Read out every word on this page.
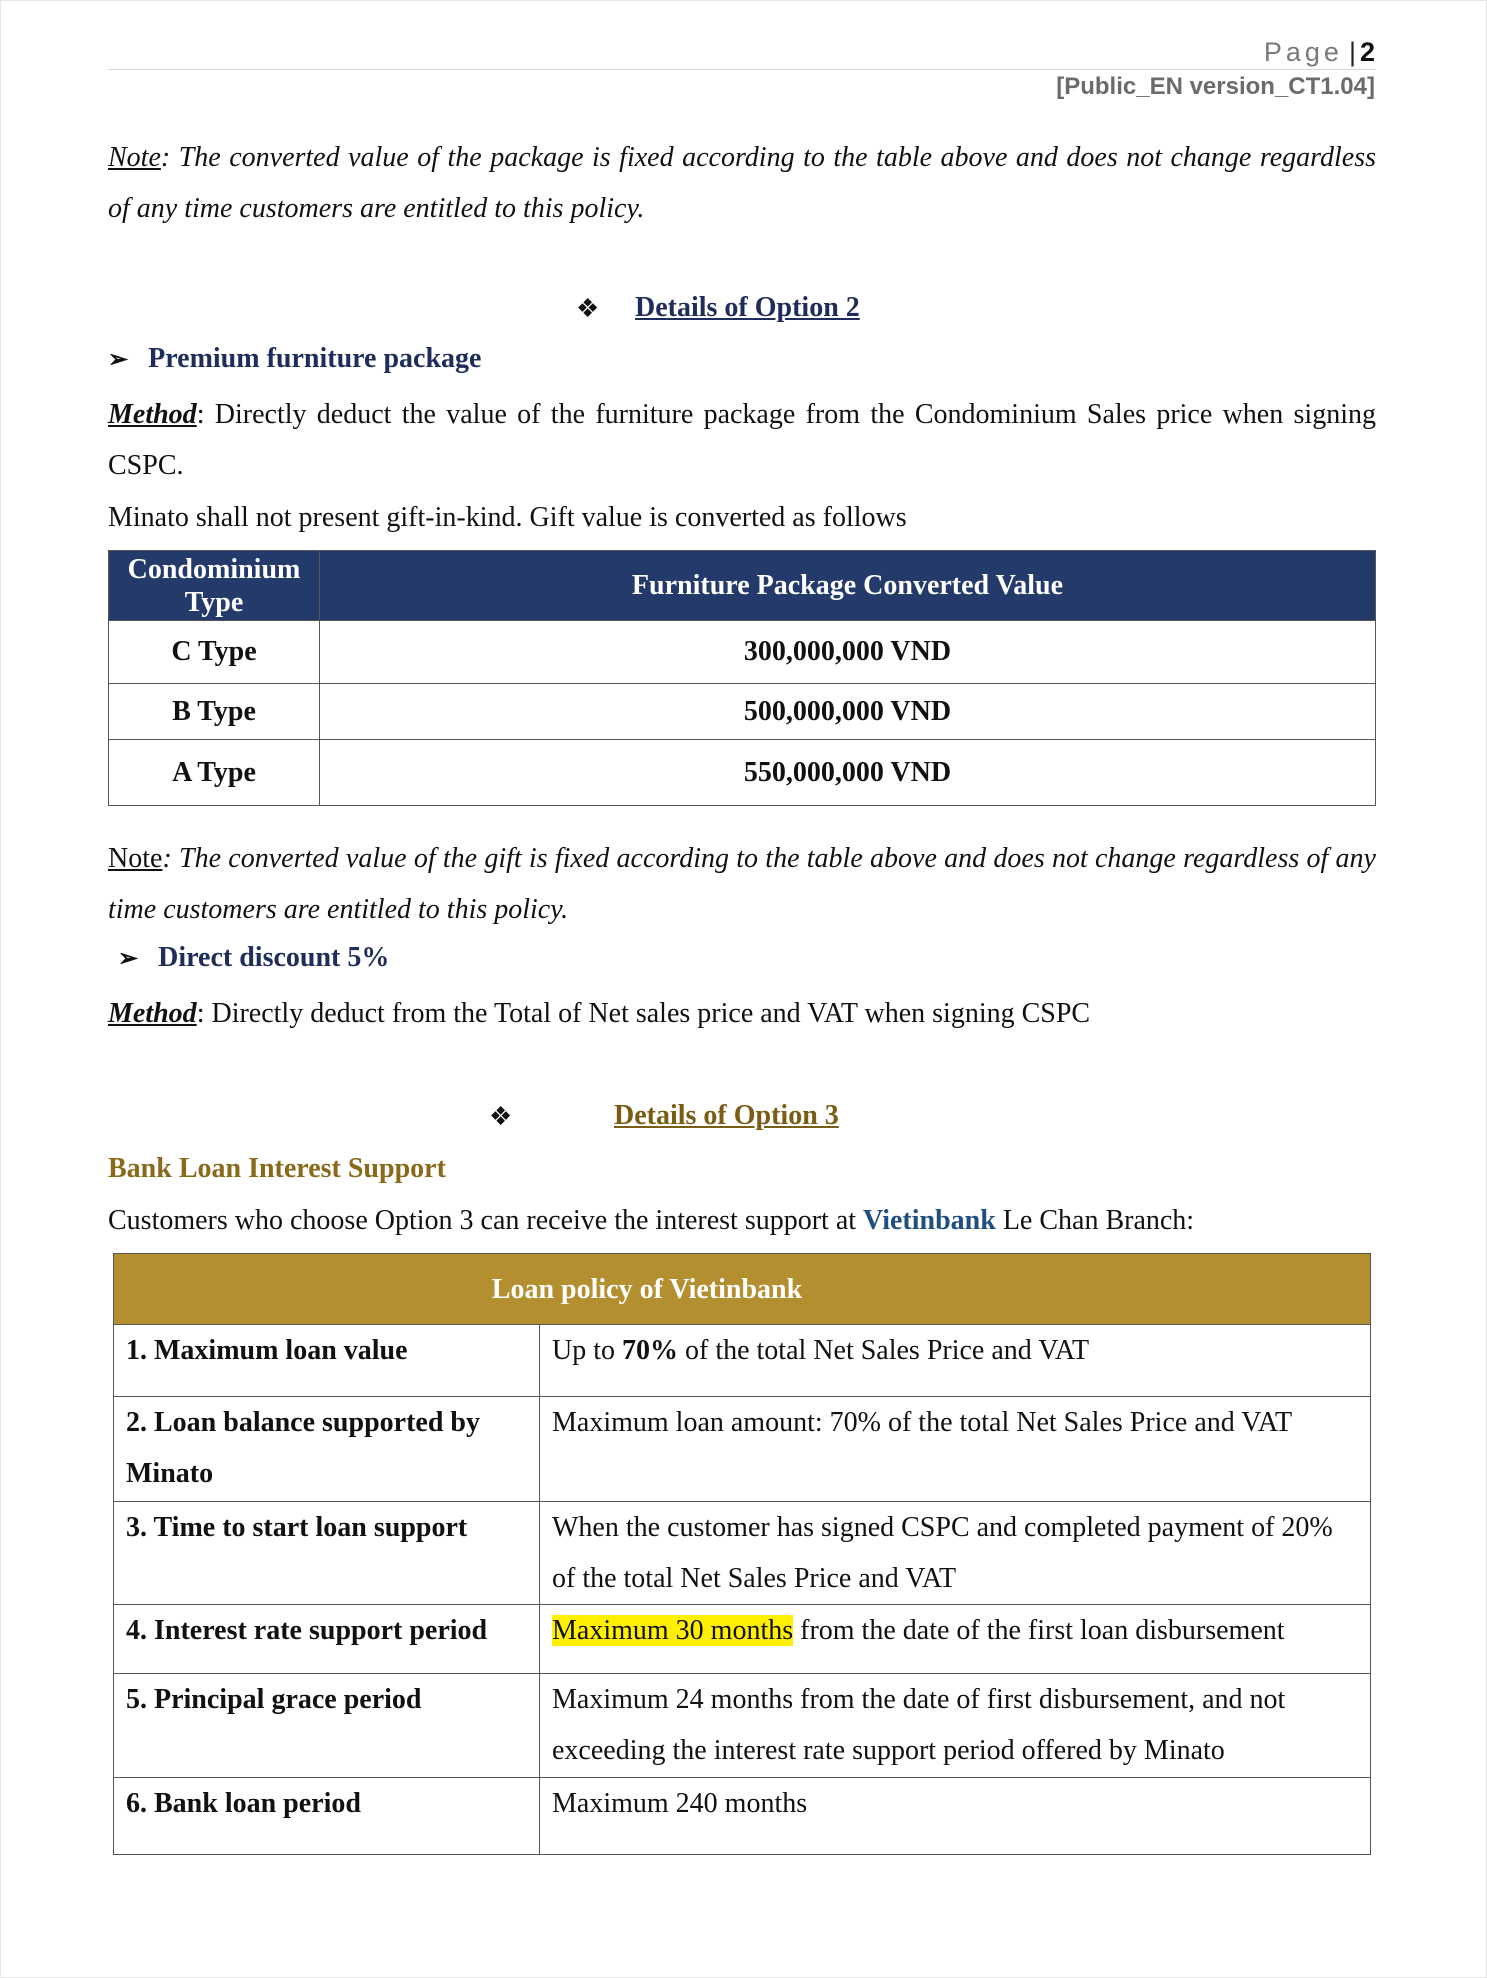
Page | 2
[Public_EN version_CT1.04]
Note: The converted value of the package is fixed according to the table above and does not change regardless of any time customers are entitled to this policy.
❖ Details of Option 2
➢ Premium furniture package
Method: Directly deduct the value of the furniture package from the Condominium Sales price when signing CSPC.
Minato shall not present gift-in-kind. Gift value is converted as follows
Condominium Type	Furniture Package Converted Value
C Type	300,000,000 VND
B Type	500,000,000 VND
A Type	550,000,000 VND
Note: The converted value of the gift is fixed according to the table above and does not change regardless of any time customers are entitled to this policy.
➢ Direct discount 5%
Method: Directly deduct from the Total of Net sales price and VAT when signing CSPC
❖	Details of Option 3
Bank Loan Interest Support
Customers who choose Option 3 can receive the interest support at Vietinbank Le Chan Branch:
Loan policy of Vietinbank	
1. Maximum loan value	Up to 70% of the total Net Sales Price and VAT
2. Loan balance supported by Minato	Maximum loan amount: 70% of the total Net Sales Price and VAT
3. Time to start loan support	When the customer has signed CSPC and completed payment of 20% of the total Net Sales Price and VAT
4. Interest rate support period	Maximum 30 months from the date of the first loan disbursement
5. Principal grace period	Maximum 24 months from the date of first disbursement, and not exceeding the interest rate support period offered by Minato
6. Bank loan period	Maximum 240 months
